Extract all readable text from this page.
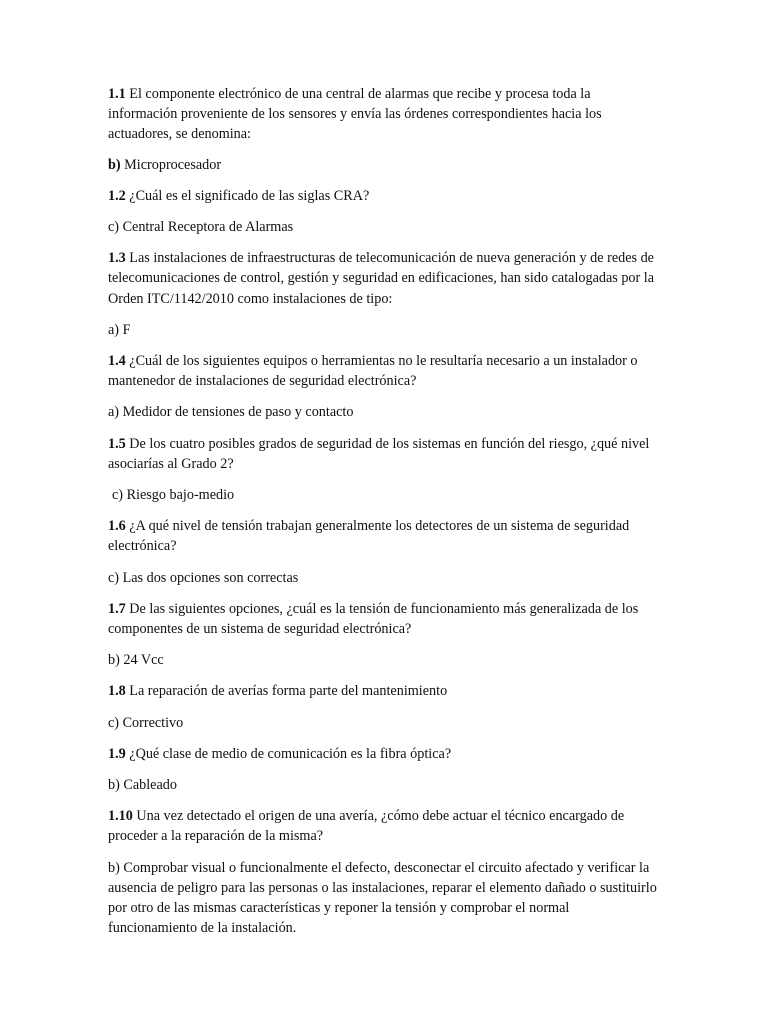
1.1 El componente electrónico de una central de alarmas que recibe y procesa toda la información proveniente de los sensores y envía las órdenes correspondientes hacia los actuadores, se denomina:

b) Microprocesador

1.2 ¿Cuál es el significado de las siglas CRA?

c) Central Receptora de Alarmas

1.3 Las instalaciones de infraestructuras de telecomunicación de nueva generación y de redes de telecomunicaciones de control, gestión y seguridad en edificaciones, han sido catalogadas por la Orden ITC/1142/2010 como instalaciones de tipo:

a) F

1.4 ¿Cuál de los siguientes equipos o herramientas no le resultaría necesario a un instalador o mantenedor de instalaciones de seguridad electrónica?

a) Medidor de tensiones de paso y contacto

1.5 De los cuatro posibles grados de seguridad de los sistemas en función del riesgo, ¿qué nivel asociarías al Grado 2?

c) Riesgo bajo-medio

1.6 ¿A qué nivel de tensión trabajan generalmente los detectores de un sistema de seguridad electrónica?

c) Las dos opciones son correctas

1.7 De las siguientes opciones, ¿cuál es la tensión de funcionamiento más generalizada de los componentes de un sistema de seguridad electrónica?

b) 24 Vcc

1.8 La reparación de averías forma parte del mantenimiento

c) Correctivo

1.9 ¿Qué clase de medio de comunicación es la fibra óptica?

b) Cableado

1.10 Una vez detectado el origen de una avería, ¿cómo debe actuar el técnico encargado de proceder a la reparación de la misma?

b) Comprobar visual o funcionalmente el defecto, desconectar el circuito afectado y verificar la ausencia de peligro para las personas o las instalaciones, reparar el elemento dañado o sustituirlo por otro de las mismas características y reponer la tensión y comprobar el normal funcionamiento de la instalación.
